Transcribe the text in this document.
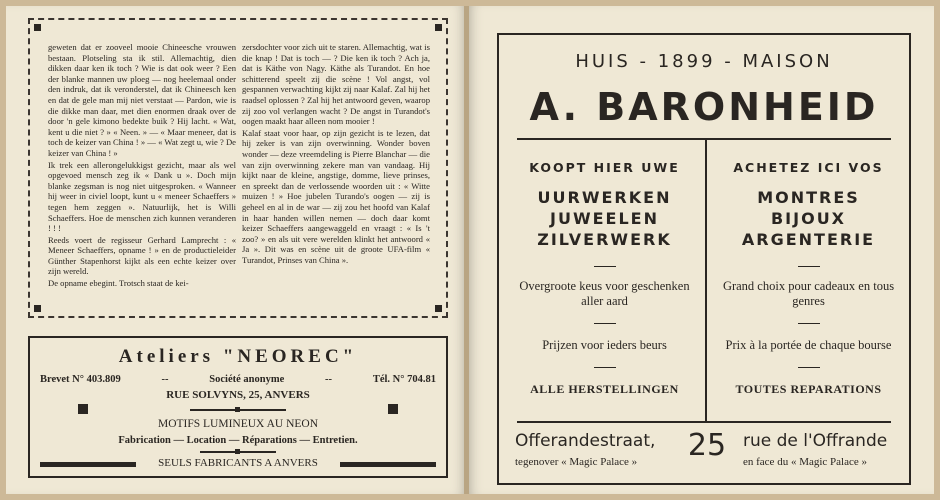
geweten dat er zooveel mooie Chineesche vrouwen bestaan. Plotseling sta ik stil. Allemachtig, dien dikken daar ken ik toch ? Wie is dat ook weer ? Een der blanke mannen uw ploeg — nog heelemaal onder den indruk, dat ik veronderstel, dat ik Chineesch ken en dat de gele man mij niet verstaat — Pardon, wie is die dikke man daar, met dien enormen draak over de door 'n gele kimono bedekte buik ? Hij lacht. « Wat, kent u die niet ? » « Neen. » — « Maar meneer, dat is toch de keizer van China ! » — « Wat zegt u, wie ? De keizer van China ! »

Ik trek een allerongelukkigst gezicht, maar als wel opgevoed mensch zeg ik « Dank u ». Doch mijn blanke zegsman is nog niet uitgesproken. « Wanneer hij weer in civiel loopt, kunt u « meneer Schaeffers » tegen hem zeggen ». Natuurlijk, het is Willi Schaeffers. Hoe de menschen zich kunnen veranderen ! ! !

Reeds voert de regisseur Gerhard Lamprecht : « Meneer Schaeffers, opname ! » en de productieleider Günther Stapenhorst kijkt als een echte keizer over zijn wereld.

De opname ebegint. Trotsch staat de kei-

zersdochter voor zich uit te staren. Allemachtig, wat is die knap ! Dat is toch — ? Die ken ik toch ? Ach ja, dat is Käthe von Nagy. Käthe als Turandot. En hoe schitterend speelt zij die scène ! Vol angst, vol gespannen verwachting kijkt zij naar Kalaf. Zal hij het raadsel oplossen ? Zal hij het antwoord geven, waarop zij zoo vol verlangen wacht ? De angst in Turandot's oogen maakt haar alleen nom mooier !

Kalaf staat voor haar, op zijn gezicht is te lezen, dat hij zeker is van zijn overwinning. Wonder boven wonder — deze vreemdeling is Pierre Blanchar — die van zijn overwinning zekere man van vandaag. Hij kijkt naar de kleine, angstige, domme, lieve prinses, en spreekt dan de verlossende woorden uit : « Witte muizen ! » Hoe jubelen Turando's oogen — zij is geheel en al in de war — zij zou het hoofd van Kalaf in haar handen willen nemen — doch daar komt keizer Schaeffers aangewaggeld en vraagt : « Is 't zoo? » en als uit vere werelden klinkt het antwoord « Ja ». Dit was en scène uit de groote UFA-film « Turandot, Prinses van China ».

Ateliers "NEOREC"
Brevet N° 403.809	--	Société anonyme	--	Tél. N° 704.81
RUE SOLVYNS, 25, ANVERS
MOTIFS LUMINEUX AU NEON
Fabrication — Location — Réparations — Entretien.
SEULS FABRICANTS A ANVERS
HUIS - 1899 - MAISON
A. BARONHEID
KOOPT HIER UWE
UURWERKEN
JUWEELEN
ZILVERWERK
Overgroote keus voor geschenken aller aard
Prijzen voor ieders beurs
ALLE HERSTELLINGEN
ACHETEZ ICI VOS
MONTRES
BIJOUX
ARGENTERIE
Grand choix pour cadeaux en tous genres
Prix à la portée de chaque bourse
TOUTES REPARATIONS
Offerandestraat, 25 rue de l'Offrande
tegenover « Magic Palace »	en face du « Magic Palace »
